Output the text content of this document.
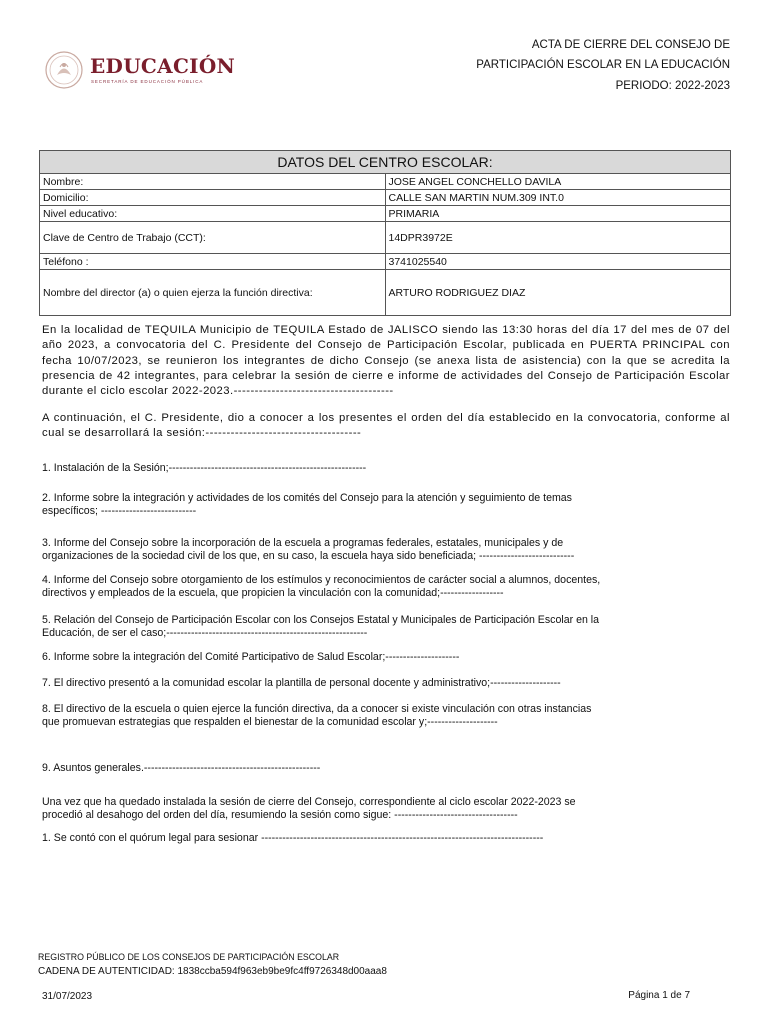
EDUCACIÓN
SECRETARÍA DE EDUCACIÓN PÚBLICA
ACTA DE CIERRE DEL CONSEJO DE
PARTICIPACIÓN ESCOLAR EN LA EDUCACIÓN
PERIODO: 2022-2023
DATOS DEL CENTRO ESCOLAR:	
Nombre:	JOSE ANGEL CONCHELLO DAVILA
Domicilio:	CALLE SAN MARTIN NUM.309 INT.0
Nivel educativo:	PRIMARIA
Clave de Centro de Trabajo (CCT):	14DPR3972E
Teléfono :	3741025540
Nombre del director (a) o quien ejerza la función directiva:	ARTURO RODRIGUEZ DIAZ
En la localidad de TEQUILA Municipio de TEQUILA Estado de JALISCO siendo las 13:30 horas del día 17 del mes de 07 del año 2023, a convocatoria del C. Presidente del Consejo de Participación Escolar, publicada en PUERTA PRINCIPAL con fecha 10/07/2023, se reunieron los integrantes de dicho Consejo (se anexa lista de asistencia) con la que se acredita la presencia de 42 integrantes, para celebrar la sesión de cierre e informe de actividades del Consejo de Participación Escolar durante el ciclo escolar 2022-2023.--------------------------------------
A continuación, el C. Presidente, dio a conocer a los presentes el orden del día establecido en la convocatoria, conforme al cual se desarrollará la sesión:-------------------------------------
1. Instalación de la Sesión;--------------------------------------------------------
2. Informe sobre la integración y actividades de los comités del Consejo para la atención y seguimiento de temas
específicos; ---------------------------
3. Informe del Consejo sobre la incorporación de la escuela a programas federales, estatales, municipales y de
organizaciones de la sociedad civil de los que, en su caso, la escuela haya sido beneficiada; ---------------------------
4. Informe del Consejo sobre otorgamiento de los estímulos y reconocimientos de carácter social a alumnos, docentes,
directivos y empleados de la escuela, que propicien la vinculación con la comunidad;------------------
5. Relación del Consejo de Participación Escolar con los Consejos Estatal y Municipales de Participación Escolar en la
Educación, de ser el caso;---------------------------------------------------------
6. Informe sobre la integración del Comité Participativo de Salud Escolar;---------------------
7. El directivo presentó a la comunidad escolar la plantilla de personal docente y administrativo;--------------------
8. El directivo de la escuela o quien ejerce la función directiva, da a conocer si existe vinculación con otras instancias
que promuevan estrategias que respalden el bienestar de la comunidad escolar y;--------------------
9. Asuntos generales.--------------------------------------------------
Una vez que ha quedado instalada la sesión de cierre del Consejo, correspondiente al ciclo escolar 2022-2023 se
procedió al desahogo del orden del día, resumiendo la sesión como sigue: -----------------------------------
1. Se contó con el quórum legal para sesionar --------------------------------------------------------------------------------
REGISTRO PÚBLICO DE LOS CONSEJOS DE PARTICIPACIÓN ESCOLAR
CADENA DE AUTENTICIDAD: 1838ccba594f963eb9be9fc4ff9726348d00aaa8
31/07/2023	Página 1 de 7
